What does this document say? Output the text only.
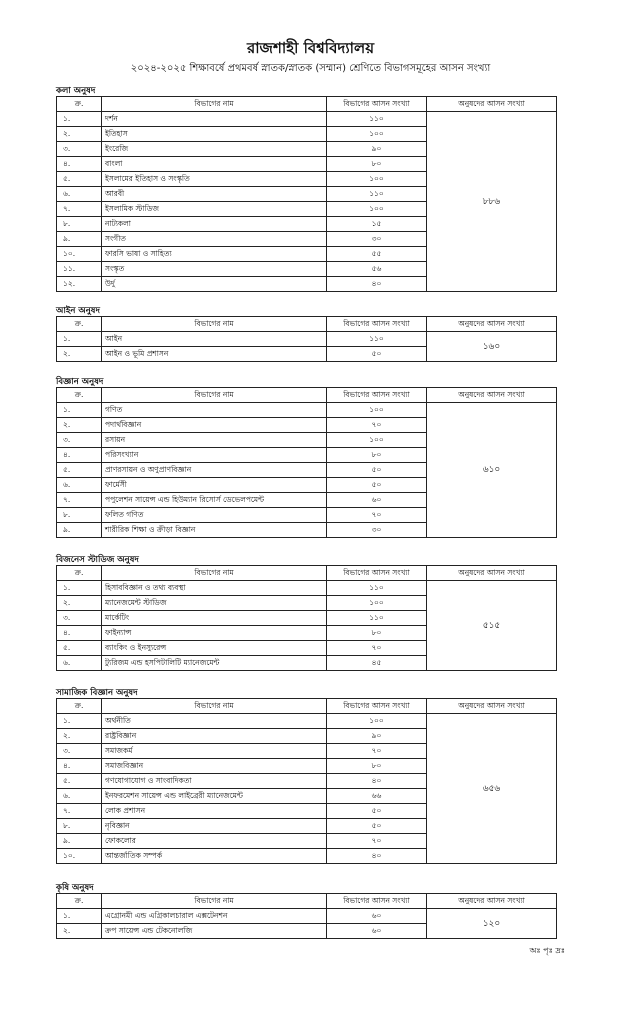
রাজশাহী বিশ্ববিদ্যালয়
২০২৪-২০২৫ শিক্ষাবর্ষে প্রথমবর্ষ স্নাতক/স্নাতক (সম্মান) শ্রেণিতে বিভাগসমূহের আসন সংখ্যা
কলা অনুষদ
ক্র.	বিভাগের নাম	বিভাগের আসন সংখ্যা	অনুষদের আসন সংখ্যা
১.	দর্শন	১১০	৮৮৬
২.	ইতিহাস	১০০	
৩.	ইংরেজি	৯০	
৪.	বাংলা	৮০	
৫.	ইসলামের ইতিহাস ও সংস্কৃতি	১০০	
৬.	আরবী	১১০	
৭.	ইসলামিক স্টাডিজ	১০০	
৮.	নাট্যকলা	১৫	
৯.	সংগীত	৩০	
১০.	ফারসি ভাষা ও সাহিত্য	৫৫	
১১.	সংস্কৃত	৫৬	
১২.	উর্দু	৪০	
আইন অনুষদ
ক্র.	বিভাগের নাম	বিভাগের আসন সংখ্যা	অনুষদের আসন সংখ্যা
১.	আইন	১১০	১৬০
২.	আইন ও ভূমি প্রশাসন	৫০	
বিজ্ঞান অনুষদ
ক্র.	বিভাগের নাম	বিভাগের আসন সংখ্যা	অনুষদের আসন সংখ্যা
১.	গণিত	১০০	৬১০
২.	পদার্থবিজ্ঞান	৭০	
৩.	রসায়ন	১০০	
৪.	পরিসংখ্যান	৮০	
৫.	প্রাণরসায়ন ও অণুপ্রাণবিজ্ঞান	৫০	
৬.	ফার্মেসী	৫০	
৭.	পপুলেশন সায়েন্স এন্ড হিউম্যান রিসোর্স ডেভেলপমেন্ট	৬০	
৮.	ফলিত গণিত	৭০	
৯.	শারীরিক শিক্ষা ও ক্রীড়া বিজ্ঞান	৩০	
বিজনেস স্টাডিজ অনুষদ
ক্র.	বিভাগের নাম	বিভাগের আসন সংখ্যা	অনুষদের আসন সংখ্যা
১.	হিসাববিজ্ঞান ও তথ্য ব্যবস্থা	১১০	৫১৫
২.	ম্যানেজমেন্ট স্টাডিজ	১০০	
৩.	মার্কেটিং	১১০	
৪.	ফাইন্যান্স	৮০	
৫.	ব্যাংকিং ও ইনস্যুরেন্স	৭০	
৬.	ট্যুরিজম এন্ড হসপিটালিটি ম্যানেজমেন্ট	৪৫	
সামাজিক বিজ্ঞান অনুষদ
ক্র.	বিভাগের নাম	বিভাগের আসন সংখ্যা	অনুষদের আসন সংখ্যা
১.	অর্থনীতি	১০০	৬৫৬
২.	রাষ্ট্রবিজ্ঞান	৯০	
৩.	সমাজকর্ম	৭০	
৪.	সমাজবিজ্ঞান	৮০	
৫.	গণযোগাযোগ ও সাংবাদিকতা	৪০	
৬.	ইনফরমেশন সায়েন্স এন্ড লাইব্রেরী ম্যানেজমেন্ট	৬৬	
৭.	লোক প্রশাসন	৫০	
৮.	নৃবিজ্ঞান	৫০	
৯.	ফোকলোর	৭০	
১০.	আন্তর্জাতিক সম্পর্ক	৪০	
কৃষি অনুষদ
ক্র.	বিভাগের নাম	বিভাগের আসন সংখ্যা	অনুষদের আসন সংখ্যা
১.	এগ্রোনমী এন্ড এগ্রিকালচারাল এক্সটেনশন	৬০	১২০
২.	ক্রপ সায়েন্স এন্ড টেকনোলজি	৬০	
অঃ পৃঃ দ্রঃ
